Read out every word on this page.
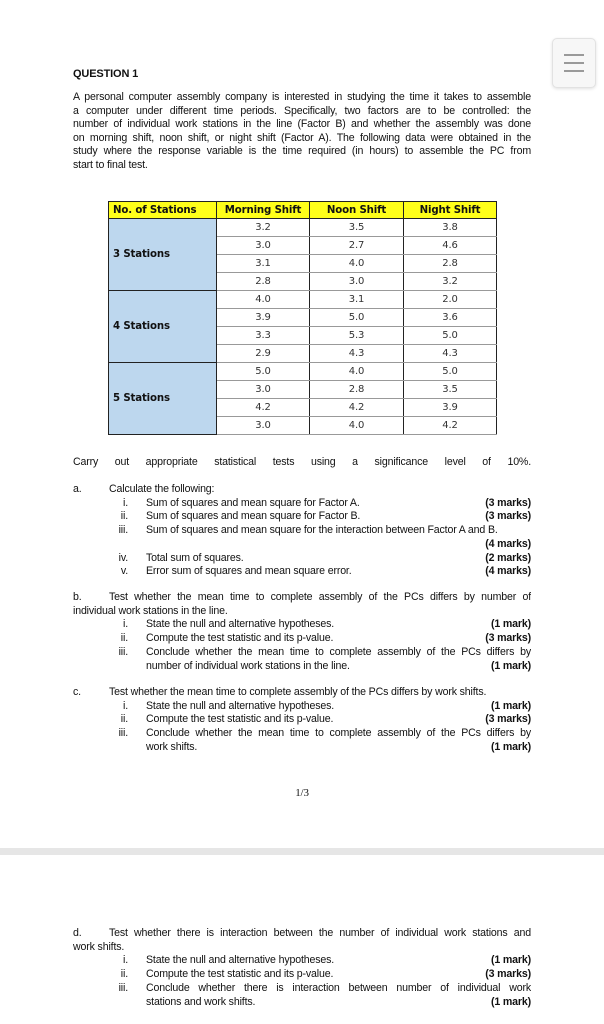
QUESTION 1
A personal computer assembly company is interested in studying the time it takes to assemble
a computer under different time periods. Specifically, two factors are to be controlled: the
number of individual work stations in the line (Factor B) and whether the assembly was done
on morning shift, noon shift, or night shift (Factor A). The following data were obtained in the
study where the response variable is the time required (in hours) to assemble the PC from
start to final test.
No. of Stations	Morning Shift	Noon Shift	Night Shift
3 Stations	3.2	3.5	3.8
	3.0	2.7	4.6
	3.1	4.0	2.8
	2.8	3.0	3.2
4 Stations	4.0	3.1	2.0
	3.9	5.0	3.6
	3.3	5.3	5.0
	2.9	4.3	4.3
5 Stations	5.0	4.0	5.0
	3.0	2.8	3.5
	4.2	4.2	3.9
	3.0	4.0	4.2
Carry out appropriate statistical tests using a significance level of 10%.
a.	Calculate the following:
i. Sum of squares and mean square for Factor A.	(3 marks)
ii. Sum of squares and mean square for Factor B.	(3 marks)
iii. Sum of squares and mean square for the interaction between Factor A and B.
(4 marks)
iv. Total sum of squares.	(2 marks)
v. Error sum of squares and mean square error.	(4 marks)
b.	Test whether the mean time to complete assembly of the PCs differs by number of
individual work stations in the line.
i. State the null and alternative hypotheses.	(1 mark)
ii. Compute the test statistic and its p-value.	(3 marks)
iii. Conclude whether the mean time to complete assembly of the PCs differs by
number of individual work stations in the line.	(1 mark)
c.	Test whether the mean time to complete assembly of the PCs differs by work shifts.
i. State the null and alternative hypotheses.	(1 mark)
ii. Compute the test statistic and its p-value.	(3 marks)
iii. Conclude whether the mean time to complete assembly of the PCs differs by
work shifts.	(1 mark)
d.	Test whether there is interaction between the number of individual work stations and
work shifts.
i. State the null and alternative hypotheses.	(1 mark)
ii. Compute the test statistic and its p-value.	(3 marks)
iii. Conclude whether there is interaction between number of individual work
stations and work shifts.	(1 mark)
1/3
